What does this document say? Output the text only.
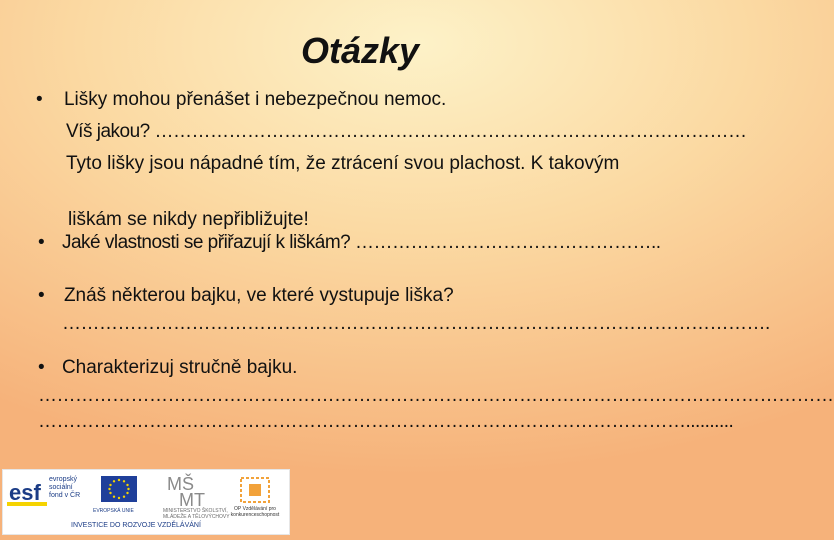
Otázky
• Lišky mohou přenášet i nebezpečnou nemoc.
Víš jakou? ……………………………………………………………………………………
Tyto lišky jsou nápadné tím, že ztrácení svou plachost. K takovým
liškám se nikdy nepřibližujte!
• Jaké vlastnosti se přiřazují k liškám? …………………………………………..
• Znáš některou bajku, ve které vystupuje liška?
…………………………………………………………………………………………………….
• Charakterizuj stručně bajku.
…………………………………………………………………………………………………………………
……………………………………………………………………………………………..........
esf
evropský
sociální
fond v ČR
EVROPSKÁ UNIE
MŠ
MT
MINISTERSTVO ŠKOLSTVÍ, MLÁDEŽE A TĚLOVÝCHOVY
OP Vzdělávání pro konkurenceschopnost
INVESTICE DO ROZVOJE VZDĚLÁVÁNÍ
